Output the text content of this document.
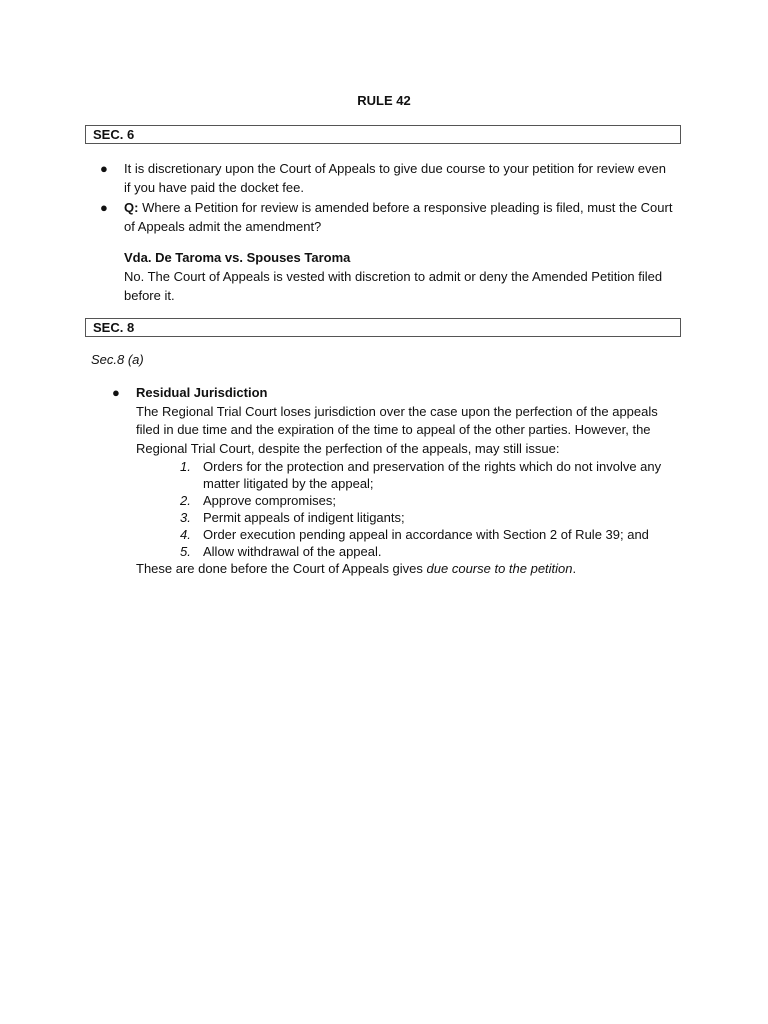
RULE 42
SEC. 6
● It is discretionary upon the Court of Appeals to give due course to your petition for review even if you have paid the docket fee.
● Q: Where a Petition for review is amended before a responsive pleading is filed, must the Court of Appeals admit the amendment?
Vda. De Taroma vs. Spouses Taroma
No. The Court of Appeals is vested with discretion to admit or deny the Amended Petition filed before it.
SEC. 8
Sec.8 (a)
● Residual Jurisdiction
The Regional Trial Court loses jurisdiction over the case upon the perfection of the appeals filed in due time and the expiration of the time to appeal of the other parties. However, the Regional Trial Court, despite the perfection of the appeals, may still issue:
1. Orders for the protection and preservation of the rights which do not involve any matter litigated by the appeal;
2. Approve compromises;
3. Permit appeals of indigent litigants;
4. Order execution pending appeal in accordance with Section 2 of Rule 39; and
5. Allow withdrawal of the appeal.
These are done before the Court of Appeals gives due course to the petition.
